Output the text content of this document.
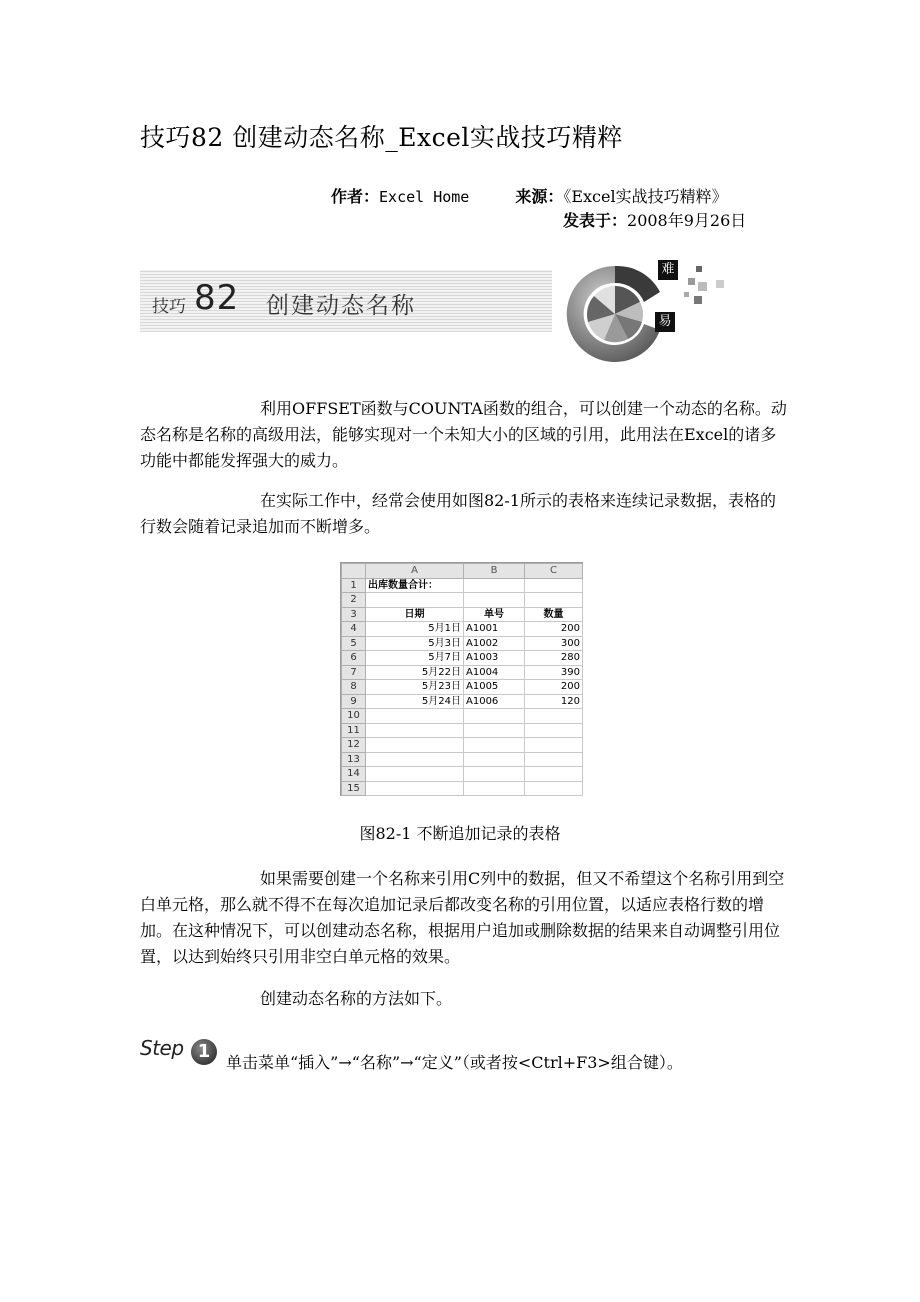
技巧82 创建动态名称_Excel实战技巧精粹
作者：Excel Home	来源：《Excel实战技巧精粹》
发表于：2008年9月26日
技巧 82 创建动态名称
难
易

利用OFFSET函数与COUNTA函数的组合，可以创建一个动态的名称。动态名称是名称的高级用法，能够实现对一个未知大小的区域的引用，此用法在Excel的诸多功能中都能发挥强大的威力。

在实际工作中，经常会使用如图82-1所示的表格来连续记录数据，表格的行数会随着记录追加而不断增多。

	A	B	C
1	出库数量合计：		
2			
3	日期	单号	数量
4	5月1日	A1001	200
5	5月3日	A1002	300
6	5月7日	A1003	280
7	5月22日	A1004	390
8	5月23日	A1005	200
9	5月24日	A1006	120
10			
11			
12			
13			
14			
15			
图82-1 不断追加记录的表格

如果需要创建一个名称来引用C列中的数据，但又不希望这个名称引用到空白单元格，那么就不得不在每次追加记录后都改变名称的引用位置，以适应表格行数的增加。在这种情况下，可以创建动态名称，根据用户追加或删除数据的结果来自动调整引用位置，以达到始终只引用非空白单元格的效果。

创建动态名称的方法如下。

Step 1

单击菜单“插入”→“名称”→“定义”（或者按<Ctrl+F3>组合键）。
